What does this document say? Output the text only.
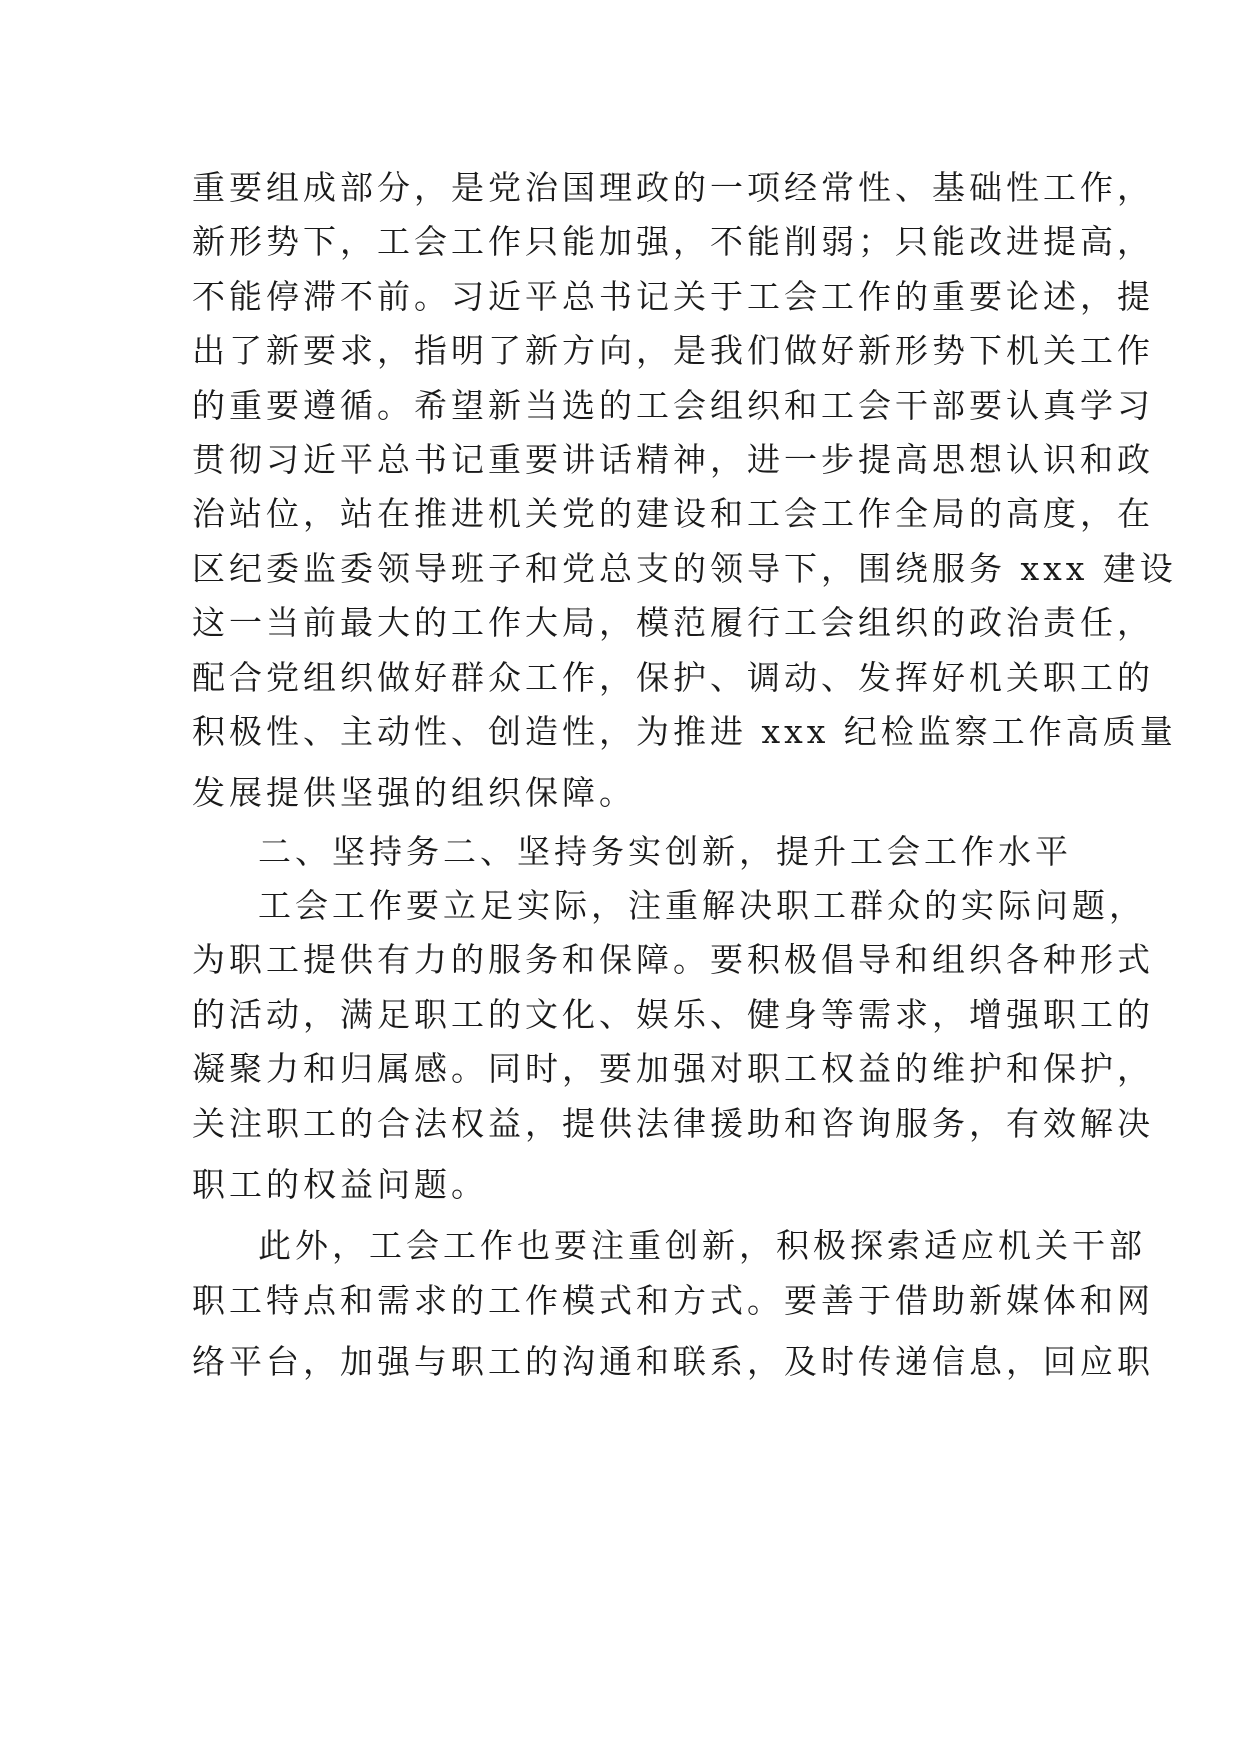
重要组成部分，是党治国理政的一项经常性、基础性工作，
新形势下，工会工作只能加强，不能削弱；只能改进提高，
不能停滞不前。习近平总书记关于工会工作的重要论述，提
出了新要求，指明了新方向，是我们做好新形势下机关工作
的重要遵循。希望新当选的工会组织和工会干部要认真学习
贯彻习近平总书记重要讲话精神，进一步提高思想认识和政
治站位，站在推进机关党的建设和工会工作全局的高度，在
区纪委监委领导班子和党总支的领导下，围绕服务 xxx 建设
这一当前最大的工作大局，模范履行工会组织的政治责任，
配合党组织做好群众工作，保护、调动、发挥好机关职工的
积极性、主动性、创造性，为推进 xxx 纪检监察工作高质量
发展提供坚强的组织保障。
二、坚持务二、坚持务实创新，提升工会工作水平
工会工作要立足实际，注重解决职工群众的实际问题，
为职工提供有力的服务和保障。要积极倡导和组织各种形式
的活动，满足职工的文化、娱乐、健身等需求，增强职工的
凝聚力和归属感。同时，要加强对职工权益的维护和保护，
关注职工的合法权益，提供法律援助和咨询服务，有效解决
职工的权益问题。
此外，工会工作也要注重创新，积极探索适应机关干部
职工特点和需求的工作模式和方式。要善于借助新媒体和网
络平台，加强与职工的沟通和联系，及时传递信息，回应职
